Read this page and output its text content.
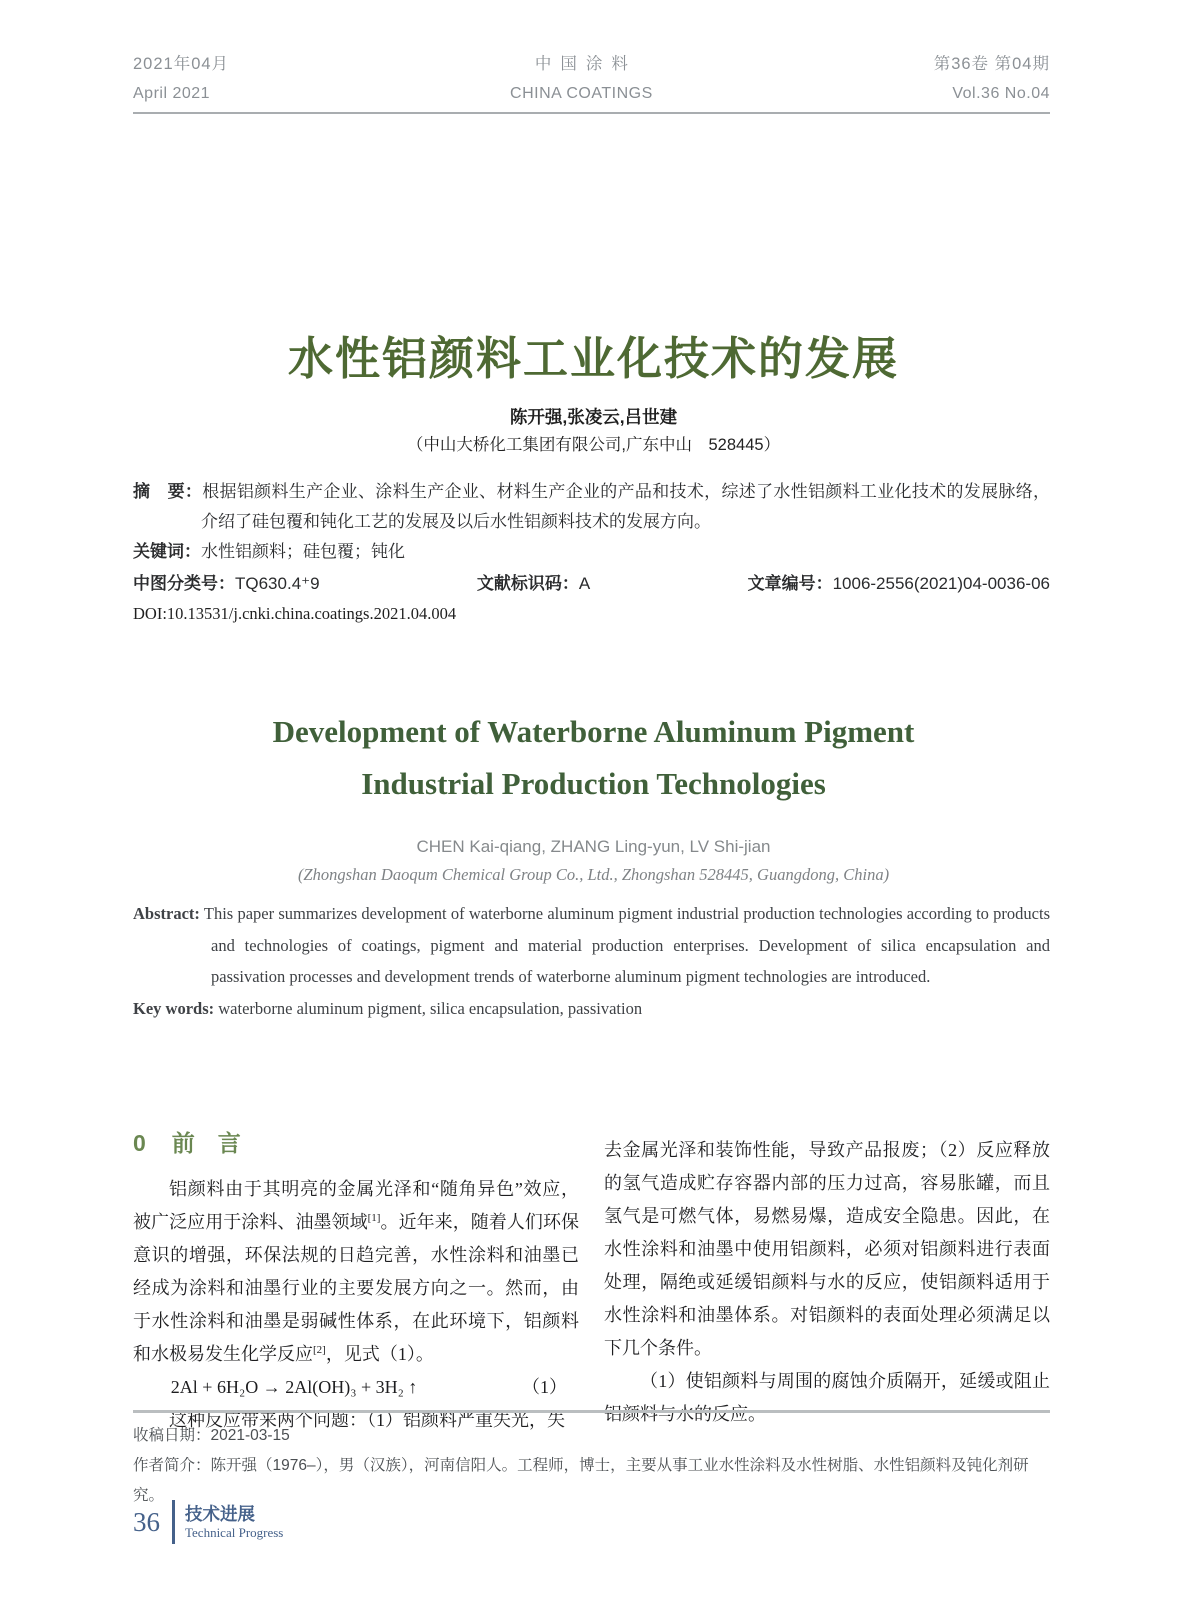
2021年04月
April 2021
中国涂料
CHINA COATINGS
第36卷 第04期
Vol.36 No.04
水性铝颜料工业化技术的发展
陈开强,张凌云,吕世建
（中山大桥化工集团有限公司,广东中山　528445）

摘　要：根据铝颜料生产企业、涂料生产企业、材料生产企业的产品和技术，综述了水性铝颜料工业化技术的发展脉络，介绍了硅包覆和钝化工艺的发展及以后水性铝颜料技术的发展方向。

关键词：水性铝颜料；硅包覆；钝化

中图分类号：TQ630.4⁺9	文献标识码：A	文章编号：1006-2556(2021)04-0036-06

DOI:10.13531/j.cnki.china.coatings.2021.04.004

Development of Waterborne Aluminum Pigment
Industrial Production Technologies
CHEN Kai-qiang, ZHANG Ling-yun, LV Shi-jian
(Zhongshan Daoqum Chemical Group Co., Ltd., Zhongshan 528445, Guangdong, China)

Abstract: This paper summarizes development of waterborne aluminum pigment industrial production technologies according to products and technologies of coatings, pigment and material production enterprises. Development of silica encapsulation and passivation processes and development trends of waterborne aluminum pigment technologies are introduced.

Key words: waterborne aluminum pigment, silica encapsulation, passivation

0 前　言

铝颜料由于其明亮的金属光泽和“随角异色”效应，被广泛应用于涂料、油墨领域[1]。近年来，随着人们环保意识的增强，环保法规的日趋完善，水性涂料和油墨已经成为涂料和油墨行业的主要发展方向之一。然而，由于水性涂料和油墨是弱碱性体系，在此环境下，铝颜料和水极易发生化学反应[2]，见式（1）。

2Al + 6H₂O → 2Al(OH)₃ + 3H₂ ↑	（1）

这种反应带来两个问题：（1）铝颜料严重失光，失

去金属光泽和装饰性能，导致产品报废；（2）反应释放的氢气造成贮存容器内部的压力过高，容易胀罐，而且氢气是可燃气体，易燃易爆，造成安全隐患。因此，在水性涂料和油墨中使用铝颜料，必须对铝颜料进行表面处理，隔绝或延缓铝颜料与水的反应，使铝颜料适用于水性涂料和油墨体系。对铝颜料的表面处理必须满足以下几个条件。

（1）使铝颜料与周围的腐蚀介质隔开，延缓或阻止铝颜料与水的反应。

收稿日期：2021-03-15

作者简介：陈开强（1976–），男（汉族），河南信阳人。工程师，博士，主要从事工业水性涂料及水性树脂、水性铝颜料及钝化剂研究。

36 技术进展
Technical Progress
